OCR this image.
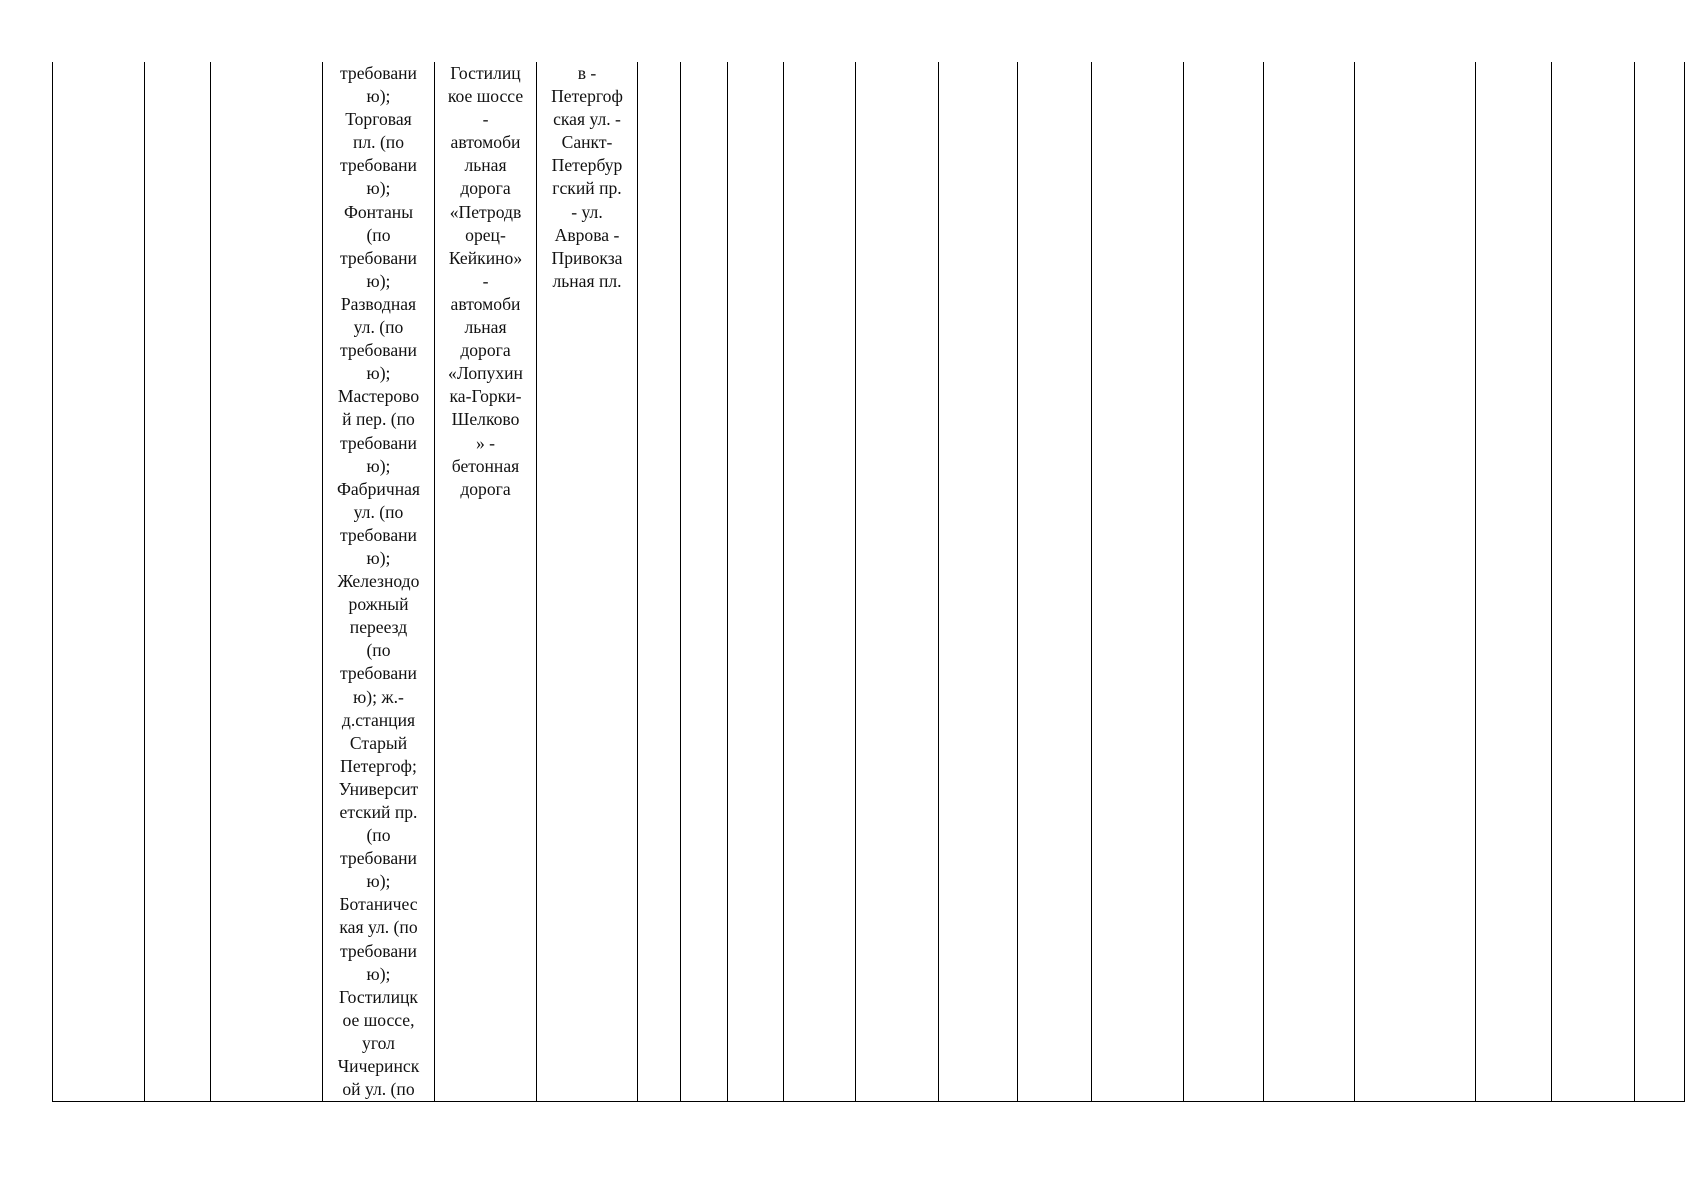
			требовани
ю);
Торговая
пл. (по
требовани
ю);
Фонтаны
(по
требовани
ю);
Разводная
ул. (по
требовани
ю);
Мастерово
й пер. (по
требовани
ю);
Фабричная
ул. (по
требовани
ю);
Железнодо
рожный
переезд
(по
требовани
ю); ж.-
д.станция
Старый
Петергоф;
Университ
етский пр.
(по
требовани
ю);
Ботаничес
кая ул. (по
требовани
ю);
Гостилицк
ое шоссе,
угол
Чичеринск
ой ул. (по	Гостилиц
кое шоссе
-
автомоби
льная
дорога
«Петродв
орец-
Кейкино»
-
автомоби
льная
дорога
«Лопухин
ка-Горки-
Шелково
» -
бетонная
дорога	в -
Петергоф
ская ул. -
Санкт-
Петербур
гский пр.
- ул.
Аврова -
Привокза
льная пл.														
